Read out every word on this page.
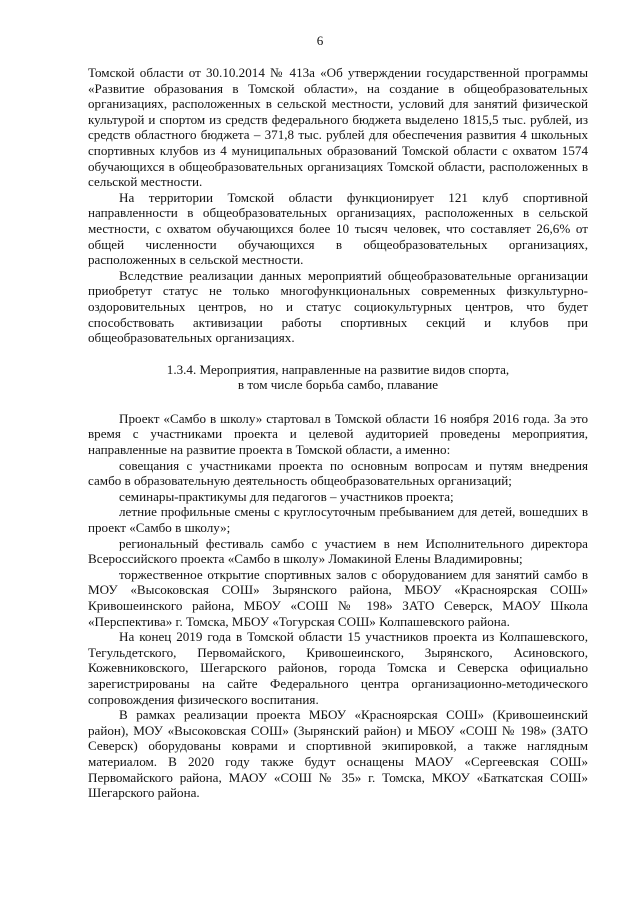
6

Томской области от 30.10.2014 № 413а «Об утверждении государственной программы «Развитие образования в Томской области», на создание в общеобразовательных организациях, расположенных в сельской местности, условий для занятий физической культурой и спортом из средств федерального бюджета выделено 1815,5 тыс. рублей, из средств областного бюджета – 371,8 тыс. рублей для обеспечения развития 4 школьных спортивных клубов из 4 муниципальных образований Томской области с охватом 1574 обучающихся в общеобразовательных организациях Томской области, расположенных в сельской местности.

На территории Томской области функционирует 121 клуб спортивной направленности в общеобразовательных организациях, расположенных в сельской местности, с охватом обучающихся более 10 тысяч человек, что составляет 26,6% от общей численности обучающихся в общеобразовательных организациях, расположенных в сельской местности.

Вследствие реализации данных мероприятий общеобразовательные организации приобретут статус не только многофункциональных современных физкультурно-оздоровительных центров, но и статус социокультурных центров, что будет способствовать активизации работы спортивных секций и клубов при общеобразовательных организациях.

1.3.4. Мероприятия, направленные на развитие видов спорта,
в том числе борьба самбо, плавание

Проект «Самбо в школу» стартовал в Томской области 16 ноября 2016 года. За это время с участниками проекта и целевой аудиторией проведены мероприятия, направленные на развитие проекта в Томской области, а именно:

совещания с участниками проекта по основным вопросам и путям внедрения самбо в образовательную деятельность общеобразовательных организаций;

семинары-практикумы для педагогов – участников проекта;

летние профильные смены с круглосуточным пребыванием для детей, вошедших в проект «Самбо в школу»;

региональный фестиваль самбо с участием в нем Исполнительного директора Всероссийского проекта «Самбо в школу» Ломакиной Елены Владимировны;

торжественное открытие спортивных залов с оборудованием для занятий самбо в МОУ «Высоковская СОШ» Зырянского района, МБОУ «Красноярская СОШ» Кривошеинского района, МБОУ «СОШ № 198» ЗАТО Северск, МАОУ Школа «Перспектива» г. Томска, МБОУ «Тогурская СОШ» Колпашевского района.

На конец 2019 года в Томской области 15 участников проекта из Колпашевского, Тегульдетского, Первомайского, Кривошеинского, Зырянского, Асиновского, Кожевниковского, Шегарского районов, города Томска и Северска официально зарегистрированы на сайте Федерального центра организационно-методического сопровождения физического воспитания.

В рамках реализации проекта МБОУ «Красноярская СОШ» (Кривошеинский район), МОУ «Высоковская СОШ» (Зырянский район) и МБОУ «СОШ № 198» (ЗАТО Северск) оборудованы коврами и спортивной экипировкой, а также наглядным материалом. В 2020 году также будут оснащены МАОУ «Сергеевская СОШ» Первомайского района, МАОУ «СОШ № 35» г. Томска, МКОУ «Баткатская СОШ» Шегарского района.
